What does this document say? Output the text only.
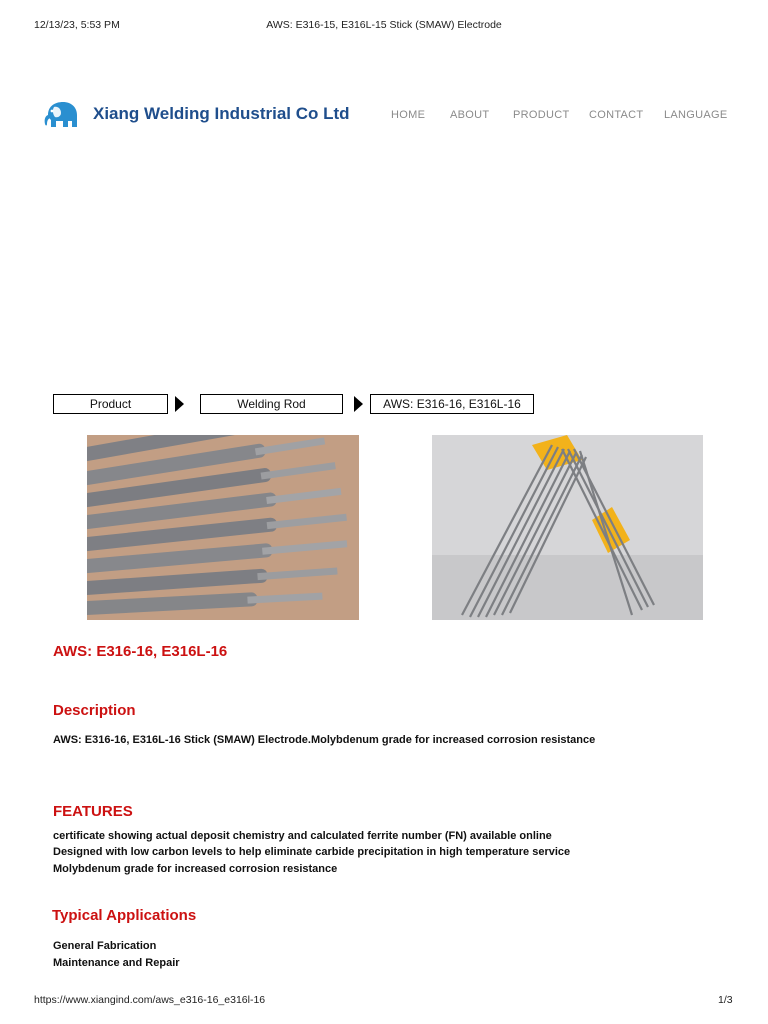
12/13/23, 5:53 PM	AWS: E316-15, E316L-15 Stick (SMAW) Electrode
Xiang Welding Industrial Co Ltd	HOME ABOUT PRODUCT CONTACT LANGUAGE
Product	Welding Rod	AWS: E316-16, E316L-16
AWS: E316-16, E316L-16
Description
AWS: E316-16, E316L-16 Stick (SMAW) Electrode.Molybdenum grade for increased corrosion resistance
FEATURES
certificate showing actual deposit chemistry and calculated ferrite number (FN) available online
Designed with low carbon levels to help eliminate carbide precipitation in high temperature service
Molybdenum grade for increased corrosion resistance
Typical Applications
General Fabrication
Maintenance and Repair
https://www.xiangind.com/aws_e316-16_e316l-16	1/3
